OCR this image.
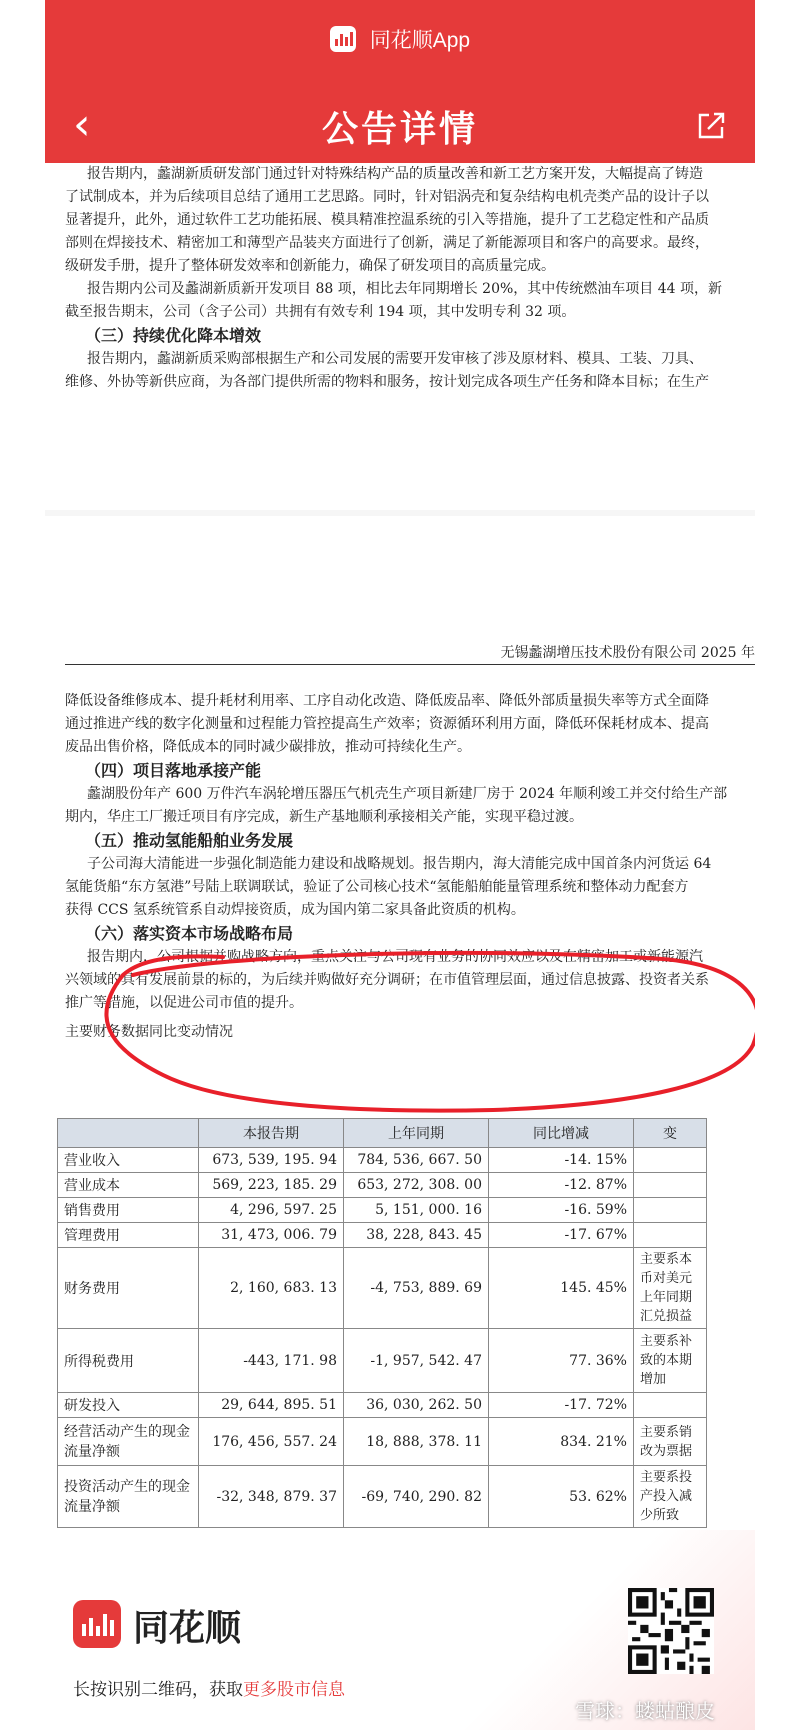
同花顺App
‹	公告详情

报告期内，蠡湖新质研发部门通过针对特殊结构产品的质量改善和新工艺方案开发，大幅提高了铸造

了试制成本，并为后续项目总结了通用工艺思路。同时，针对铝涡壳和复杂结构电机壳类产品的设计子以

显著提升，此外，通过软件工艺功能拓展、模具精准控温系统的引入等措施，提升了工艺稳定性和产品质

部则在焊接技术、精密加工和薄型产品装夹方面进行了创新，满足了新能源项目和客户的高要求。最终，

级研发手册，提升了整体研发效率和创新能力，确保了研发项目的高质量完成。

报告期内公司及蠡湖新质新开发项目 88 项，相比去年同期增长 20%，其中传统燃油车项目 44 项，新

截至报告期末，公司（含子公司）共拥有有效专利 194 项，其中发明专利 32 项。

（三）持续优化降本增效

报告期内，蠡湖新质采购部根据生产和公司发展的需要开发审核了涉及原材料、模具、工装、刀具、

维修、外协等新供应商，为各部门提供所需的物料和服务，按计划完成各项生产任务和降本目标；在生产

无锡蠡湖增压技术股份有限公司 2025 年

降低设备维修成本、提升耗材利用率、工序自动化改造、降低废品率、降低外部质量损失率等方式全面降

通过推进产线的数字化测量和过程能力管控提高生产效率；资源循环利用方面，降低环保耗材成本、提高

废品出售价格，降低成本的同时减少碳排放，推动可持续化生产。

（四）项目落地承接产能

蠡湖股份年产 600 万件汽车涡轮增压器压气机壳生产项目新建厂房于 2024 年顺利竣工并交付给生产部

期内，华庄工厂搬迁项目有序完成，新生产基地顺利承接相关产能，实现平稳过渡。

（五）推动氢能船舶业务发展

子公司海大清能进一步强化制造能力建设和战略规划。报告期内，海大清能完成中国首条内河货运 64

氢能货船“东方氢港”号陆上联调联试，验证了公司核心技术“氢能船舶能量管理系统和整体动力配套方

获得 CCS 氢系统管系自动焊接资质，成为国内第二家具备此资质的机构。

（六）落实资本市场战略布局

报告期内，公司根据并购战略方向，重点关注与公司现有业务的协同效应以及在精密加工或新能源汽

兴领域的具有发展前景的标的，为后续并购做好充分调研；在市值管理层面，通过信息披露、投资者关系

推广等措施，以促进公司市值的提升。

主要财务数据同比变动情况

	本报告期	上年同期	同比增减	变
营业收入	673, 539, 195. 94	784, 536, 667. 50	-14. 15%	
营业成本	569, 223, 185. 29	653, 272, 308. 00	-12. 87%	
销售费用	4, 296, 597. 25	5, 151, 000. 16	-16. 59%	
管理费用	31, 473, 006. 79	38, 228, 843. 45	-17. 67%	
财务费用	2, 160, 683. 13	-4, 753, 889. 69	145. 45%	主要系本币对美元上年同期汇兑损益
所得税费用	-443, 171. 98	-1, 957, 542. 47	77. 36%	主要系补致的本期增加
研发投入	29, 644, 895. 51	36, 030, 262. 50	-17. 72%	
经营活动产生的现金流量净额	176, 456, 557. 24	18, 888, 378. 11	834. 21%	主要系销改为票据
投资活动产生的现金流量净额	-32, 348, 879. 37	-69, 740, 290. 82	53. 62%	主要系投产投入减少所致
同花顺
长按识别二维码，获取更多股市信息
雪球：蝼蛄酿皮
